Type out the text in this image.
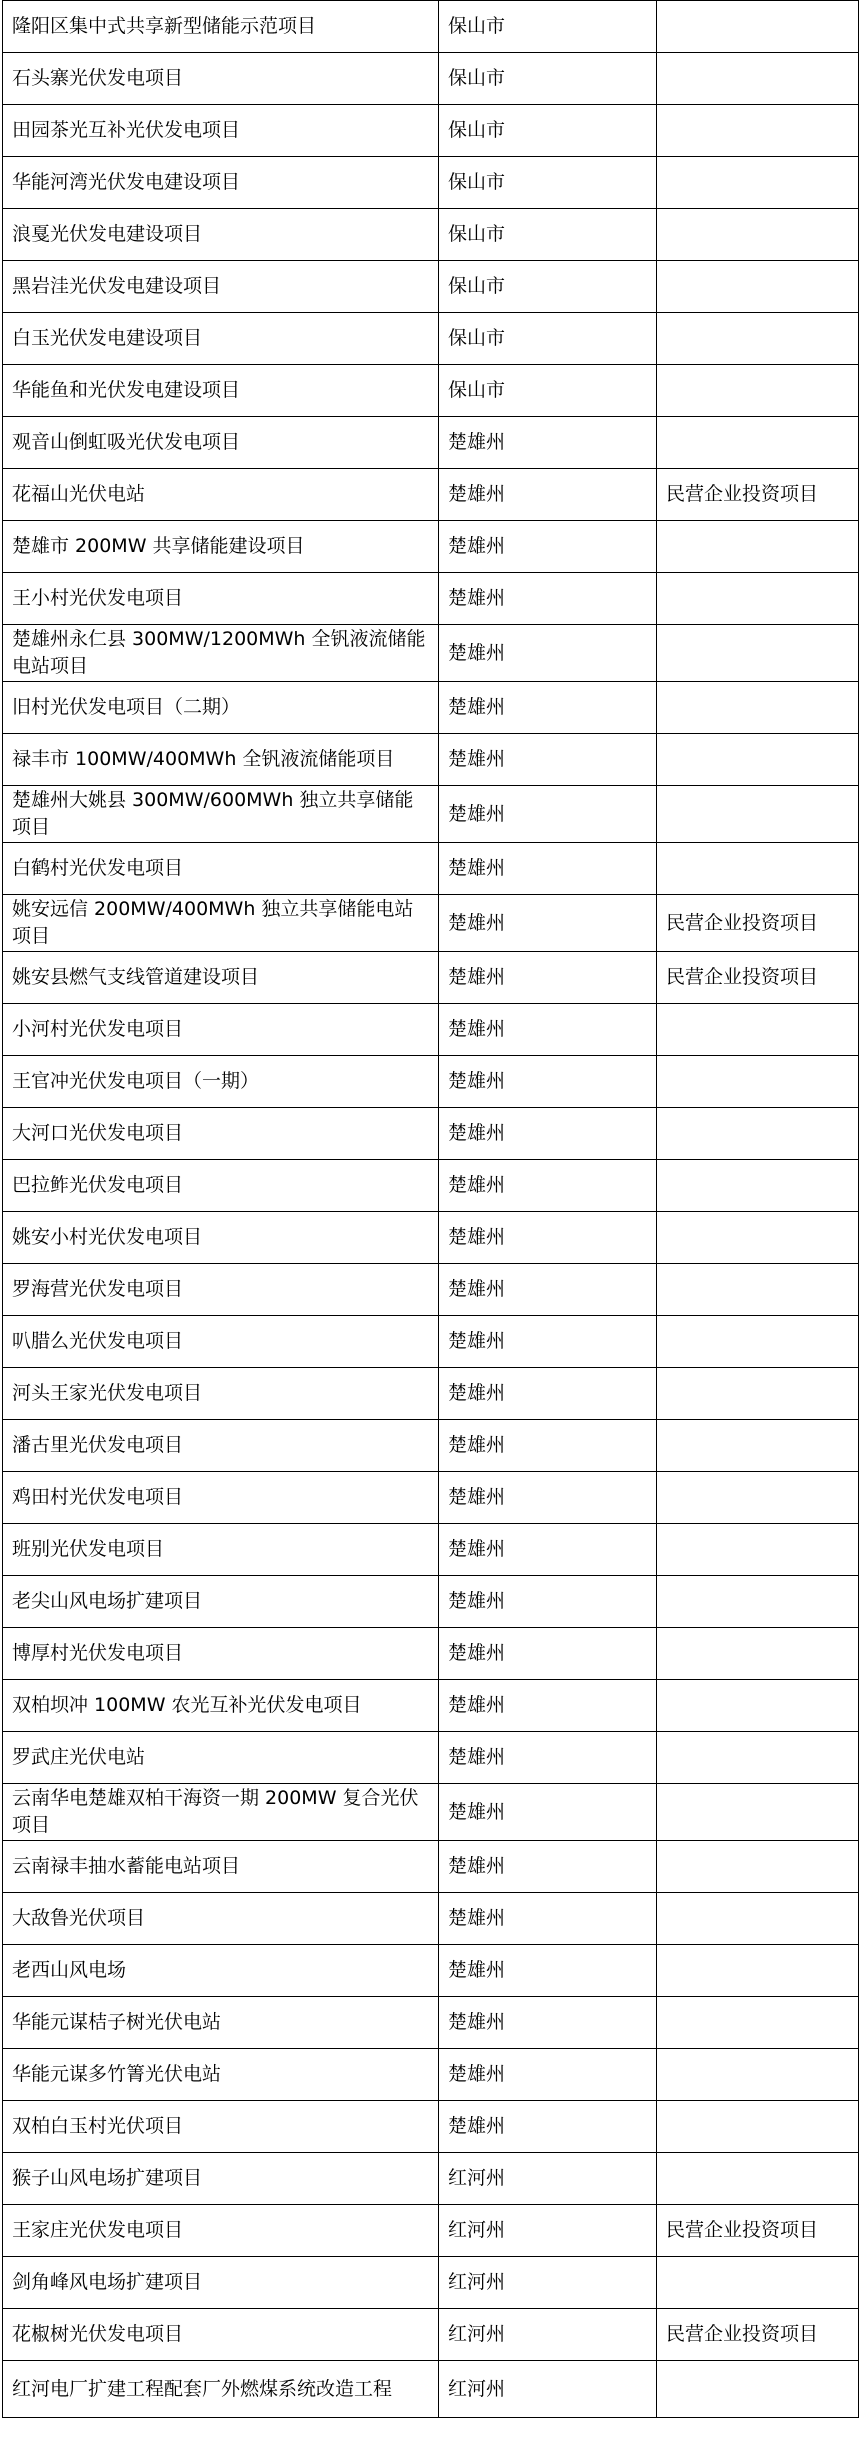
隆阳区集中式共享新型储能示范项目	保山市	
石头寨光伏发电项目	保山市	
田园茶光互补光伏发电项目	保山市	
华能河湾光伏发电建设项目	保山市	
浪戛光伏发电建设项目	保山市	
黑岩洼光伏发电建设项目	保山市	
白玉光伏发电建设项目	保山市	
华能鱼和光伏发电建设项目	保山市	
观音山倒虹吸光伏发电项目	楚雄州	
花福山光伏电站	楚雄州	民营企业投资项目
楚雄市 200MW 共享储能建设项目	楚雄州	
王小村光伏发电项目	楚雄州	
楚雄州永仁县 300MW/1200MWh 全钒液流储能电站项目	楚雄州	
旧村光伏发电项目（二期）	楚雄州	
禄丰市 100MW/400MWh 全钒液流储能项目	楚雄州	
楚雄州大姚县 300MW/600MWh 独立共享储能项目	楚雄州	
白鹤村光伏发电项目	楚雄州	
姚安远信 200MW/400MWh 独立共享储能电站项目	楚雄州	民营企业投资项目
姚安县燃气支线管道建设项目	楚雄州	民营企业投资项目
小河村光伏发电项目	楚雄州	
王官冲光伏发电项目（一期）	楚雄州	
大河口光伏发电项目	楚雄州	
巴拉鲊光伏发电项目	楚雄州	
姚安小村光伏发电项目	楚雄州	
罗海营光伏发电项目	楚雄州	
叭腊么光伏发电项目	楚雄州	
河头王家光伏发电项目	楚雄州	
潘古里光伏发电项目	楚雄州	
鸡田村光伏发电项目	楚雄州	
班别光伏发电项目	楚雄州	
老尖山风电场扩建项目	楚雄州	
博厚村光伏发电项目	楚雄州	
双柏坝冲 100MW 农光互补光伏发电项目	楚雄州	
罗武庄光伏电站	楚雄州	
云南华电楚雄双柏干海资一期 200MW 复合光伏项目	楚雄州	
云南禄丰抽水蓄能电站项目	楚雄州	
大敌鲁光伏项目	楚雄州	
老西山风电场	楚雄州	
华能元谋桔子树光伏电站	楚雄州	
华能元谋多竹箐光伏电站	楚雄州	
双柏白玉村光伏项目	楚雄州	
猴子山风电场扩建项目	红河州	
王家庄光伏发电项目	红河州	民营企业投资项目
剑角峰风电场扩建项目	红河州	
花椒树光伏发电项目	红河州	民营企业投资项目
红河电厂扩建工程配套厂外燃煤系统改造工程	红河州	
